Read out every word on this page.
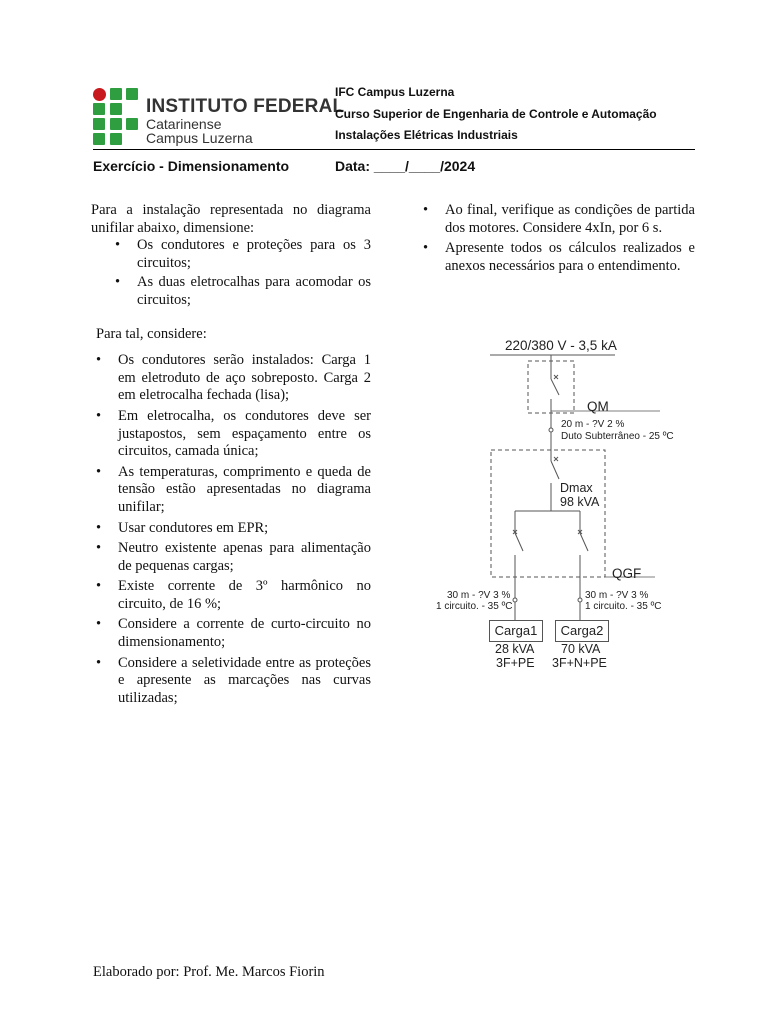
INSTITUTO FEDERAL
Catarinense
Campus Luzerna
IFC Campus Luzerna
Curso Superior de Engenharia de Controle e Automação
Instalações Elétricas Industriais
Exercício - Dimensionamento	Data: ____/____/2024

Para a instalação representada no diagrama unifilar abaixo, dimensione:

• Os condutores e proteções para os 3 circuitos;
• As duas eletrocalhas para acomodar os circuitos;

Para tal, considere:

• Os condutores serão instalados: Carga 1 em eletroduto de aço sobreposto. Carga 2 em eletrocalha fechada (lisa);
• Em eletrocalha, os condutores deve ser justapostos, sem espaçamento entre os circuitos, camada única;
• As temperaturas, comprimento e queda de tensão estão apresentadas no diagrama unifilar;
• Usar condutores em EPR;
• Neutro existente apenas para alimentação de pequenas cargas;
• Existe corrente de 3º harmônico no circuito, de 16 %;
• Considere a corrente de curto-circuito no dimensionamento;
• Considere a seletividade entre as proteções e apresente as marcações nas curvas utilizadas;
• Ao final, verifique as condições de partida dos motores. Considere 4xIn, por 6 s.
• Apresente todos os cálculos realizados e anexos necessários para o entendimento.
220/380 V - 3,5 kA
QM
20 m - ?V 2 %
Duto Subterrâneo - 25 ºC
Dmax
98 kVA
QGF
30 m - ?V 3 %
1 circuito. - 35 ºC
30 m - ?V 3 %
1 circuito. - 35 ºC
Carga1	Carga2
28 kVA
3F+PE
70 kVA
3F+N+PE
Elaborado por: Prof. Me. Marcos Fiorin
